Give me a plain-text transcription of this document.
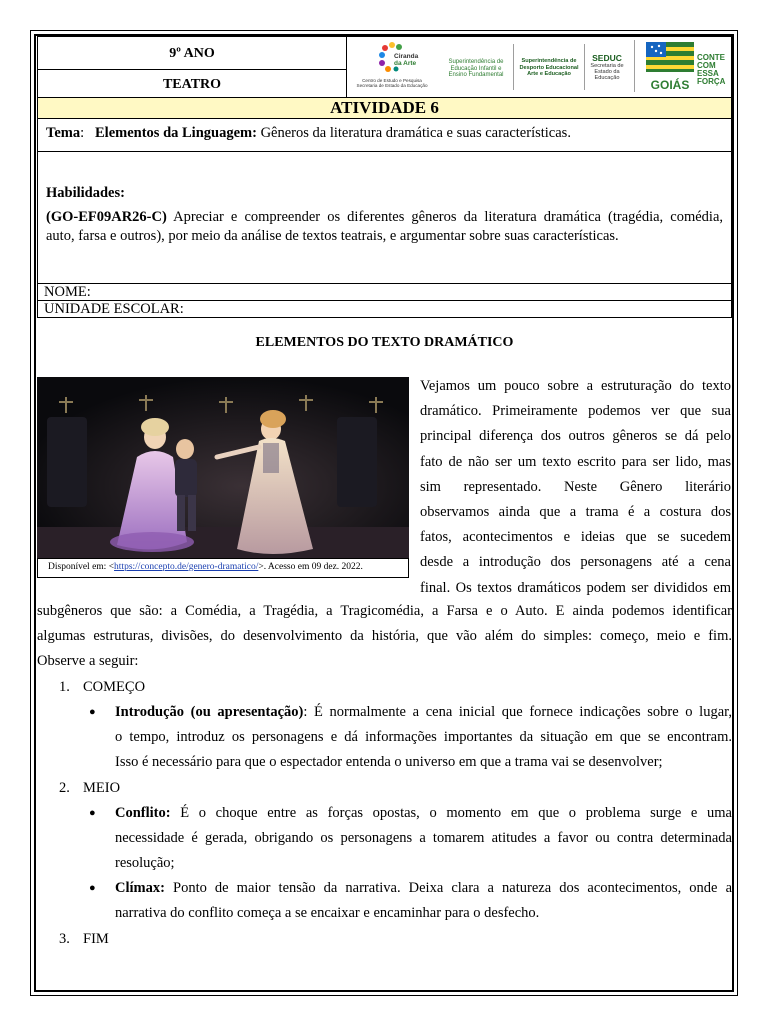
9º ANO
TEATRO
Ciranda
da Arte
Centro de Estudo e Pesquisa
Secretaria de Estado da Educação
Superintendência de
Educação Infantil e
Ensino Fundamental
Superintendência de
Desporto Educacional
Arte e Educação
SEDUC
Secretaria de
Estado da
Educação	GOIÁS
CONTE
COM
ESSA
FORÇA
ATIVIDADE 6
Tema: Elementos da Linguagem: Gêneros da literatura dramática e suas características.
Habilidades:
(GO-EF09AR26-C) Apreciar e compreender os diferentes gêneros da literatura dramática (tragédia, comédia,
auto, farsa e outros), por meio da análise de textos teatrais, e argumentar sobre suas características.
NOME:
UNIDADE ESCOLAR:
ELEMENTOS DO TEXTO DRAMÁTICO
Disponível em: <https://concepto.de/genero-dramatico/>. Acesso em 09 dez. 2022.
Vejamos um pouco sobre a estruturação do texto
dramático. Primeiramente podemos ver que sua
principal diferença dos outros gêneros se dá pelo
fato de não ser um texto escrito para ser lido, mas
sim representado. Neste Gênero literário
observamos ainda que a trama é a costura dos
fatos, acontecimentos e ideias que se sucedem
desde a introdução dos personagens até a cena
final. Os textos dramáticos podem ser divididos em
subgêneros que são: a Comédia, a Tragédia, a Tragicomédia, a Farsa e o Auto. E ainda podemos identificar
algumas estruturas, divisões, do desenvolvimento da história, que vão além do simples: começo, meio e fim.
Observe a seguir:
1. COMEÇO
● Introdução (ou apresentação): É normalmente a cena inicial que fornece indicações sobre o lugar,
o tempo, introduz os personagens e dá informações importantes da situação em que se encontram.
Isso é necessário para que o espectador entenda o universo em que a trama vai se desenvolver;
2. MEIO
● Conflito: É o choque entre as forças opostas, o momento em que o problema surge e uma
necessidade é gerada, obrigando os personagens a tomarem atitudes a favor ou contra determinada
resolução;
● Clímax: Ponto de maior tensão da narrativa. Deixa clara a natureza dos acontecimentos, onde a
narrativa do conflito começa a se encaixar e encaminhar para o desfecho.
3. FIM
